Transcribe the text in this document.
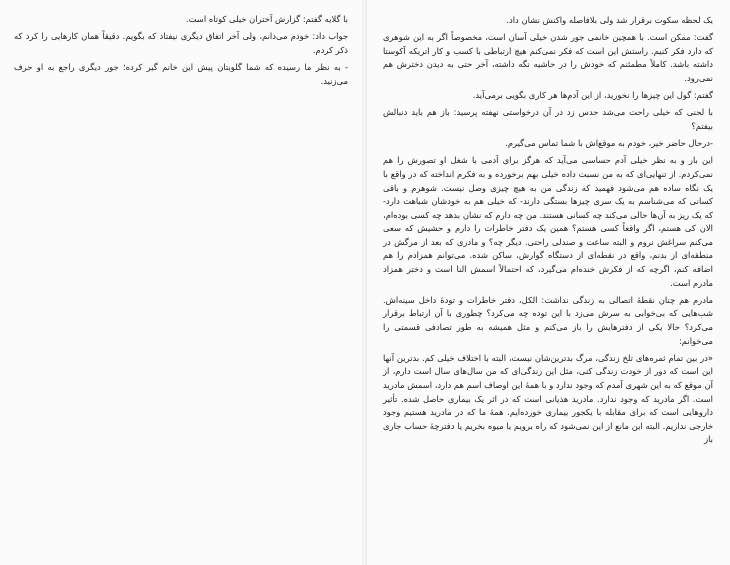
با گلایه گفتم: گزارش آختران خیلی کوتاه است.

جواب داد: خودم می‌دانم، ولی آخر اتفاق دیگری نیفتاد که بگویم. دقیقاً همان کارهایی را کرد که ذکر کردم.

- به نظر ما رسیده که شما گلوبتان پیش این خانم گیر کرده؛ جور دیگری راجع به او حرف می‌زنید.

یک لحظه سکوت برقرار شد ولی بلافاصله واکنش نشان داد.

گفت: ممکن است. با همچین خانمی جور شدن خیلی آسان است، مخصوصاً اگر به این شوهری که دارد فکر کنیم. راستش این است که فکر نمی‌کنم هیچ ارتباطی با کسب و کار اتریکه آکوستا داشته باشد. کاملاً مطمئنم که خودش را در حاشیه نگه داشته، آخر حتی به دیدن دخترش هم نمی‌رود.

گفتم: گول این چیزها را نخورید، از این آدم‌ها هر کاری بگویی برمی‌آید.

با لحنی که خیلی راحت می‌شد حدس زد در آن درخواستی نهفته پرسید: باز هم باید دنبالش بیفتم؟

-درحال حاضر خیر، خودم به موقع‌اش با شما تماس می‌گیرم.

این بار و به نظر خیلی آدم حساسی می‌آید که هرگز برای آدمی با شغل او تصورش را هم نمی‌کردم. از تنهایی‌ای که به من نسبت داده خیلی بهم برخورده و به فکرم انداخته که در واقع با یک نگاه ساده هم می‌شود فهمید که زندگی من به هیچ چیزی وصل نیست. شوهرم و باقی کسانی که می‌شناسم به یک سری چیزها بستگی دارند- که خیلی هم به خودشان شباهت دارد- که یک ریز به آن‌ها حالی می‌کند چه کسانی هستند. من چه دارم که نشان بدهد چه کسی بوده‌ام، الان کی هستم، اگر واقعاً کسی هستم؟ همین یک دفتر خاطرات را دارم و حشیش که سعی می‌کنم سراغش نروم و البته ساعت و صندلی راحتی. دیگر چه؟ و مادری که بعد از مرگش در منطقه‌ای از بدنم، واقع در نقطه‌ای از دستگاه گوارش، ساکن شده. می‌توانم همزادم را هم اضافه کنم، اگرچه که از فکرش خنده‌ام می‌گیرد، که احتمالاً اسمش النا است و دختر همزاد مادرم است.

مادرم هم چنان نقطهٔ اتصالی به زندگی نداشت: الکل، دفتر خاطرات و تودهٔ داخل سینه‌اش. شب‌هایی که بی‌خوابی به سرش می‌زد با این توده چه می‌کرد؟ چطوری با آن ارتباط برقرار می‌کرد؟ حالا یکی از دفترهایش را باز می‌کنم و مثل همیشه به طور تصادفی قسمتی را می‌خوانم:

«در بین تمام ثمره‌های تلخ زندگی، مرگ بدترین‌شان نیست، البته با اختلاف خیلی کم. بدترین آنها این است که دور از خودت زندگی کنی، مثل این زندگی‌ای که من سال‌های سال است دارم، از آن موقع که به این شهری آمدم که وجود ندارد و با همهٔ این اوصاف اسم هم دارد، اسمش مادرید است. اگر مادرید که وجود ندارد. مادرید هذیانی است که در اثر یک بیماری حاصل شده. تأثیر داروهایی است که برای مقابله با یکجور بیماری خورده‌ایم. همهٔ ما که در مادرید هستیم وجود خارجی نداریم. البته این مانع از این نمی‌شود که راه برویم یا میوه بخریم یا دفترچهٔ حساب جاری باز
